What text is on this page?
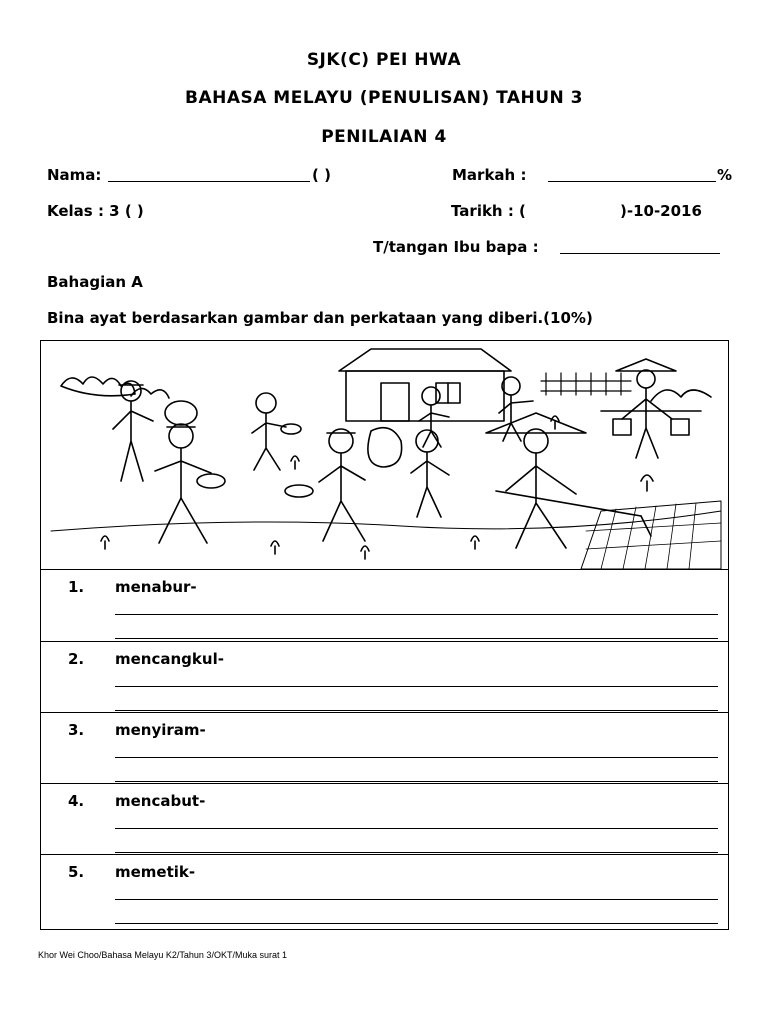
SJK(C) PEI HWA
BAHASA MELAYU (PENULISAN) TAHUN 3
PENILAIAN 4
Nama:	( )	Markah :	%
Kelas : 3 ( )	Tarikh : (	)-10-2016
T/tangan Ibu bapa :
Bahagian A
Bina ayat berdasarkan gambar dan perkataan yang diberi.(10%)
1. menabur-
2. mencangkul-
3. menyiram-
4. mencabut-
5. memetik-
Khor Wei Choo/Bahasa Melayu K2/Tahun 3/OKT/Muka surat 1
